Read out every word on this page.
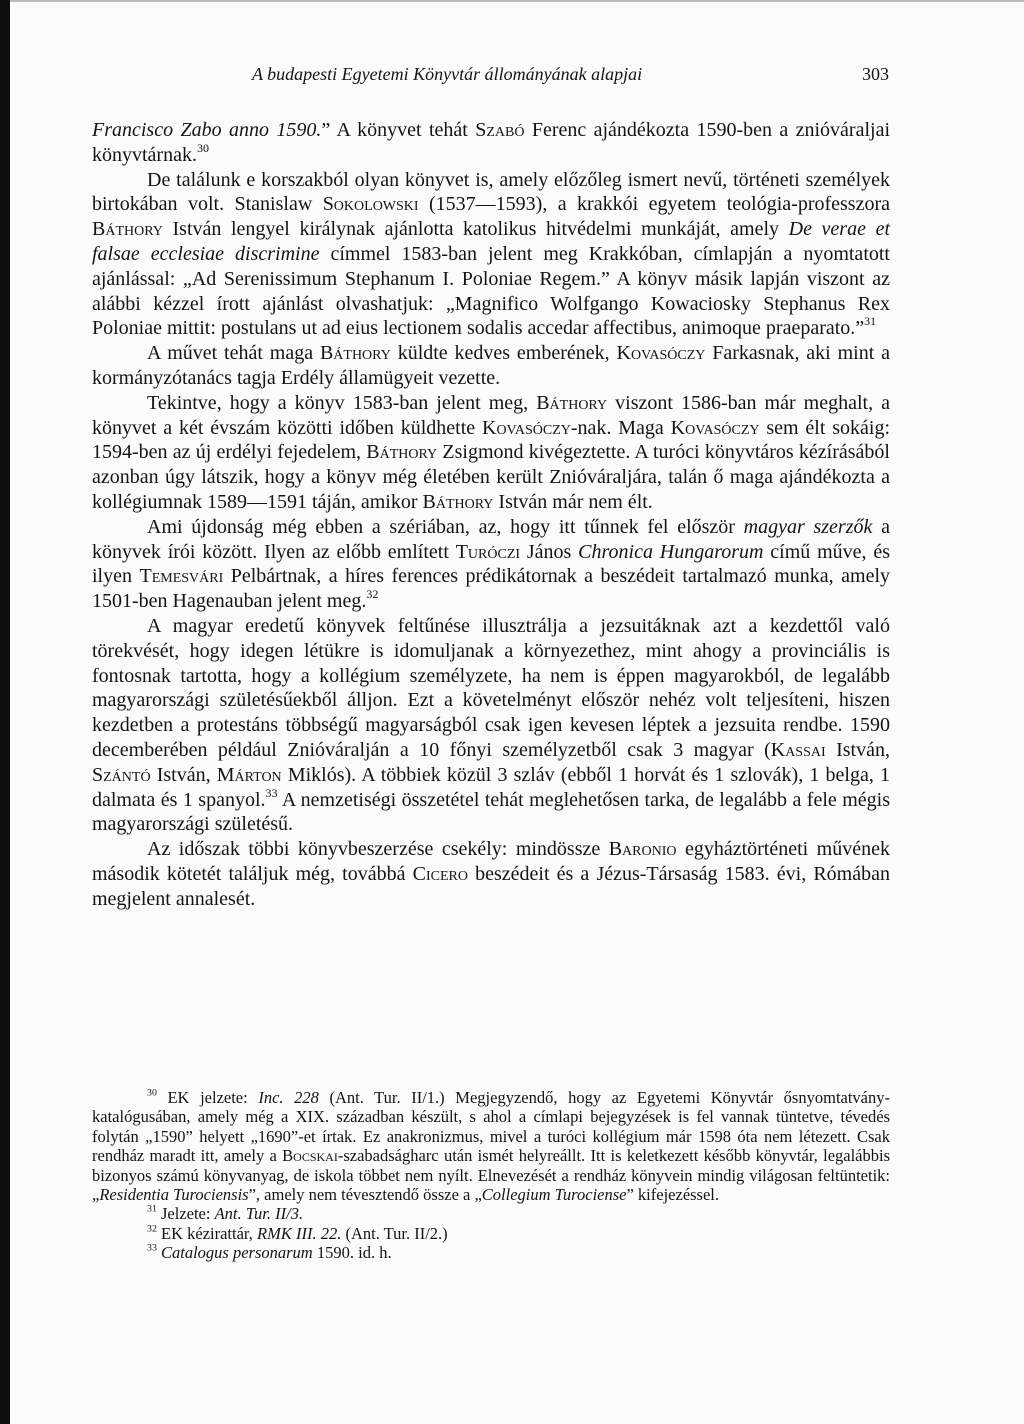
A budapesti Egyetemi Könyvtár állományának alapjai	303

Francisco Zabo anno 1590.” A könyvet tehát Szabó Ferenc ajándékozta 1590-ben a znióváraljai könyvtárnak.$^{30}$

De találunk e korszakból olyan könyvet is, amely előzőleg ismert nevű, történeti személyek birtokában volt. Stanislaw Sokolowski (1537—1593), a krakkói egyetem teológia-professzora Báthory István lengyel királynak ajánlotta katolikus hitvédelmi munkáját, amely De verae et falsae ecclesiae discrimine címmel 1583-ban jelent meg Krakkóban, címlapján a nyomtatott ajánlással: „Ad Serenissimum Stephanum I. Poloniae Regem.” A könyv másik lapján viszont az alábbi kézzel írott ajánlást olvashatjuk: „Magnifico Wolfgango Kowaciosky Stephanus Rex Poloniae mittit: postulans ut ad eius lectionem sodalis accedar affectibus, animoque praeparato.”$^{31}$

A művet tehát maga Báthory küldte kedves emberének, Kovasóczy Farkasnak, aki mint a kormányzótanács tagja Erdély államügyeit vezette.

Tekintve, hogy a könyv 1583-ban jelent meg, Báthory viszont 1586-ban már meghalt, a könyvet a két évszám közötti időben küldhette Kovasóczy-nak. Maga Kovasóczy sem élt sokáig: 1594-ben az új erdélyi fejedelem, Báthory Zsigmond kivégeztette. A turóci könyvtáros kézírásából azonban úgy látszik, hogy a könyv még életében került Znióváraljára, talán ő maga ajándékozta a kollégiumnak 1589—1591 táján, amikor Báthory István már nem élt.

Ami újdonság még ebben a szériában, az, hogy itt tűnnek fel először magyar szerzők a könyvek írói között. Ilyen az előbb említett Turóczi János Chronica Hungarorum című műve, és ilyen Temesvári Pelbártnak, a híres ferences prédikátornak a beszédeit tartalmazó munka, amely 1501-ben Hagenauban jelent meg.$^{32}$

A magyar eredetű könyvek feltűnése illusztrálja a jezsuitáknak azt a kezdettől való törekvését, hogy idegen létükre is idomuljanak a környezethez, mint ahogy a provinciális is fontosnak tartotta, hogy a kollégium személyzete, ha nem is éppen magyarokból, de legalább magyarországi születésűekből álljon. Ezt a követelményt először nehéz volt teljesíteni, hiszen kezdetben a protestáns többségű magyarságból csak igen kevesen léptek a jezsuita rendbe. 1590 decemberében például Znióváralján a 10 főnyi személyzetből csak 3 magyar (Kassai István, Szántó István, Márton Miklós). A többiek közül 3 szláv (ebből 1 horvát és 1 szlovák), 1 belga, 1 dalmata és 1 spanyol.$^{33}$ A nemzetiségi összetétel tehát meglehetősen tarka, de legalább a fele mégis magyarországi születésű.

Az időszak többi könyvbeszerzése csekély: mindössze Baronio egyháztörténeti művének második kötetét találjuk még, továbbá Cicero beszédeit és a Jézus-Társaság 1583. évi, Rómában megjelent annalesét.

$^{30}$ EK jelzete: Inc. 228 (Ant. Tur. II/1.) Megjegyzendő, hogy az Egyetemi Könyvtár ősnyomtatvány-katalógusában, amely még a XIX. században készült, s ahol a címlapi bejegyzések is fel vannak tüntetve, tévedés folytán „1590” helyett „1690”-et írtak. Ez anakronizmus, mivel a turóci kollégium már 1598 óta nem létezett. Csak rendház maradt itt, amely a Bocskai-szabadságharc után ismét helyreállt. Itt is keletkezett később könyvtár, legalábbis bizonyos számú könyvanyag, de iskola többet nem nyílt. Elnevezését a rendház könyvein mindig világosan feltüntetik: „Residentia Turociensis”, amely nem tévesztendő össze a „Collegium Turociense” kifejezéssel.

$^{31}$ Jelzete: Ant. Tur. II/3.

$^{32}$ EK kézirattár, RMK III. 22. (Ant. Tur. II/2.)

$^{33}$ Catalogus personarum 1590. id. h.
